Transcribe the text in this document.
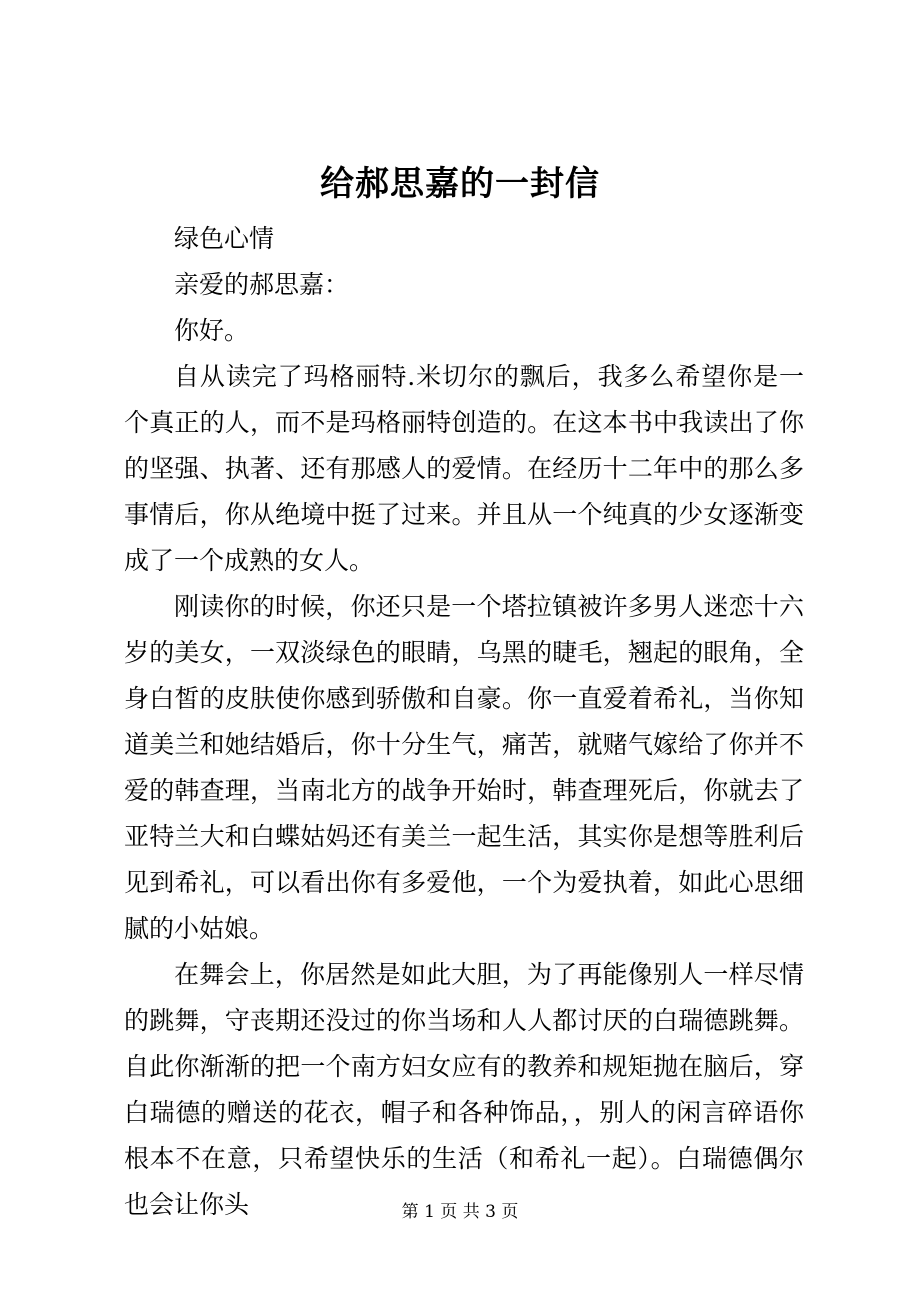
给郝思嘉的一封信

绿色心情

亲爱的郝思嘉：

你好。

自从读完了玛格丽特.米切尔的飘后，我多么希望你是一个真正的人，而不是玛格丽特创造的。在这本书中我读出了你的坚强、执著、还有那感人的爱情。在经历十二年中的那么多事情后，你从绝境中挺了过来。并且从一个纯真的少女逐渐变成了一个成熟的女人。

刚读你的时候，你还只是一个塔拉镇被许多男人迷恋十六岁的美女，一双淡绿色的眼睛，乌黑的睫毛，翘起的眼角，全身白皙的皮肤使你感到骄傲和自豪。你一直爱着希礼，当你知道美兰和她结婚后，你十分生气，痛苦，就赌气嫁给了你并不爱的韩查理，当南北方的战争开始时，韩查理死后，你就去了亚特兰大和白蝶姑妈还有美兰一起生活，其实你是想等胜利后见到希礼，可以看出你有多爱他，一个为爱执着，如此心思细腻的小姑娘。

在舞会上，你居然是如此大胆，为了再能像别人一样尽情的跳舞，守丧期还没过的你当场和人人都讨厌的白瑞德跳舞。自此你渐渐的把一个南方妇女应有的教养和规矩抛在脑后，穿白瑞德的赠送的花衣，帽子和各种饰品，，别人的闲言碎语你根本不在意，只希望快乐的生活（和希礼一起）。白瑞德偶尔也会让你头	第 1 页 共 3 页
